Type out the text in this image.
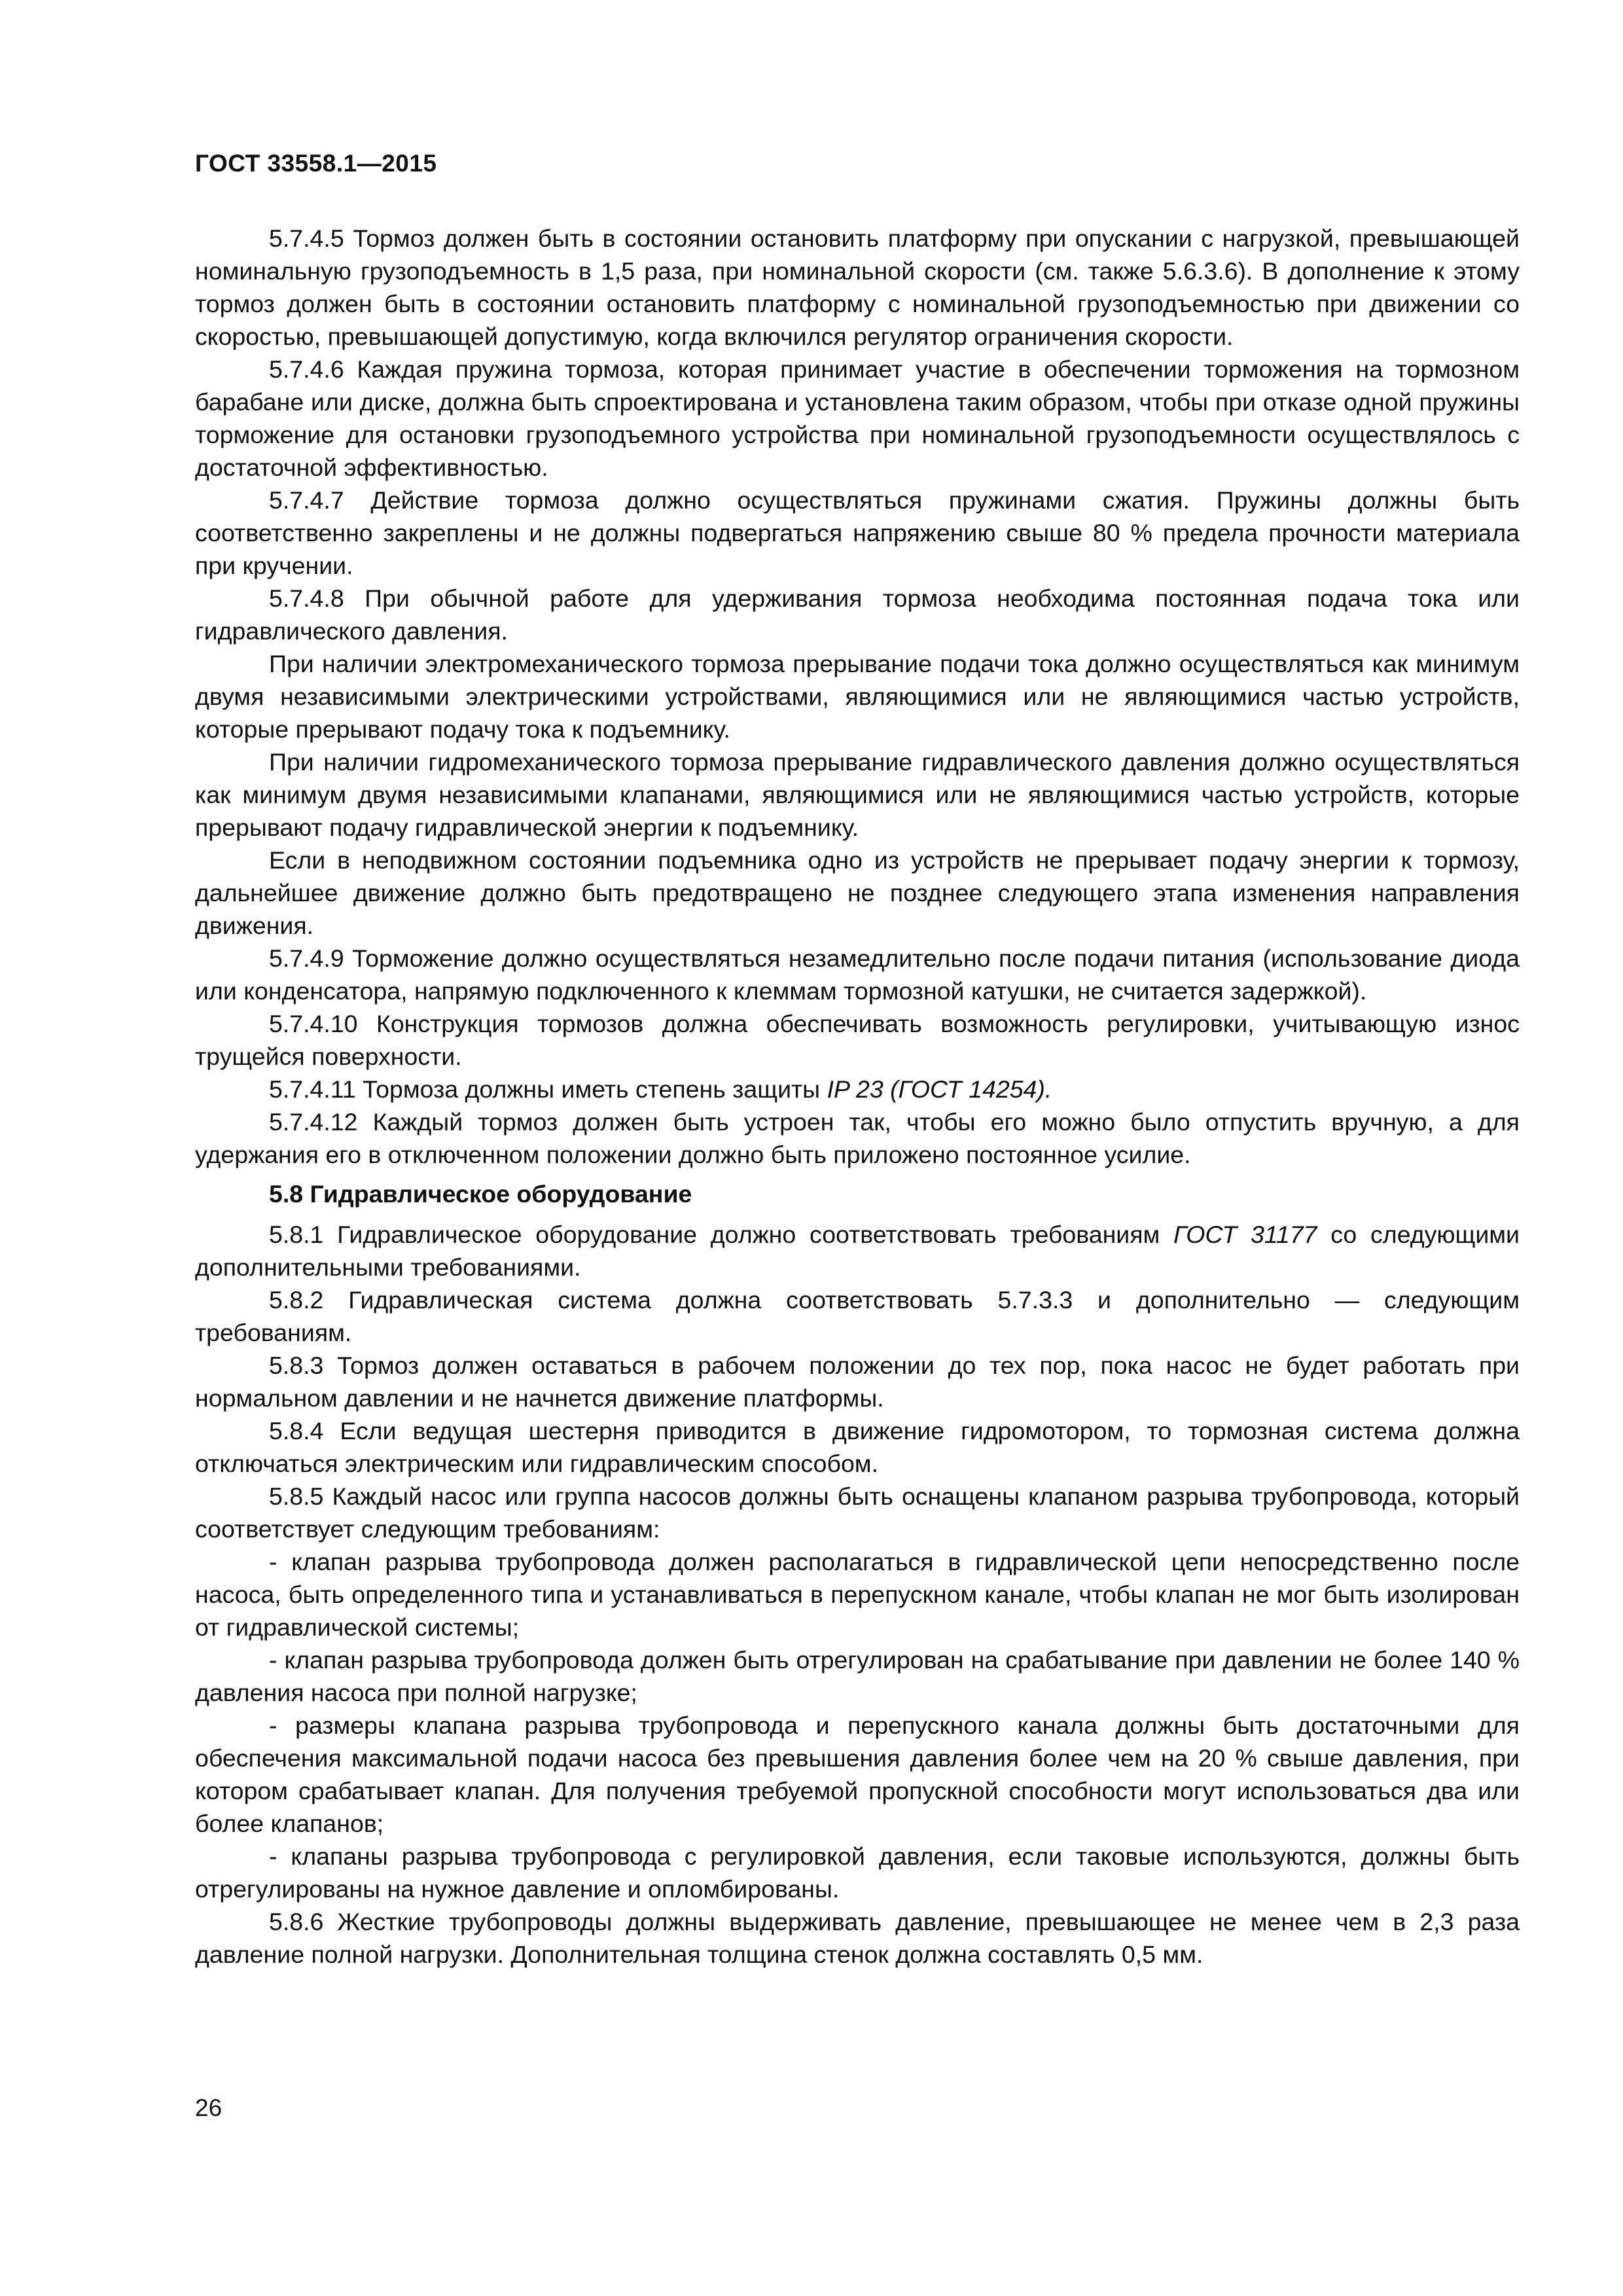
ГОСТ 33558.1—2015

5.7.4.5 Тормоз должен быть в состоянии остановить платформу при опускании с нагрузкой, превышающей номинальную грузоподъемность в 1,5 раза, при номинальной скорости (см. также 5.6.3.6). В дополнение к этому тормоз должен быть в состоянии остановить платформу с номинальной грузоподъемностью при движении со скоростью, превышающей допустимую, когда включился регулятор ограничения скорости.

5.7.4.6 Каждая пружина тормоза, которая принимает участие в обеспечении торможения на тормозном барабане или диске, должна быть спроектирована и установлена таким образом, чтобы при отказе одной пружины торможение для остановки грузоподъемного устройства при номинальной грузоподъемности осуществлялось с достаточной эффективностью.

5.7.4.7 Действие тормоза должно осуществляться пружинами сжатия. Пружины должны быть соответственно закреплены и не должны подвергаться напряжению свыше 80 % предела прочности материала при кручении.

5.7.4.8 При обычной работе для удерживания тормоза необходима постоянная подача тока или гидравлического давления.

При наличии электромеханического тормоза прерывание подачи тока должно осуществляться как минимум двумя независимыми электрическими устройствами, являющимися или не являющимися частью устройств, которые прерывают подачу тока к подъемнику.

При наличии гидромеханического тормоза прерывание гидравлического давления должно осуществляться как минимум двумя независимыми клапанами, являющимися или не являющимися частью устройств, которые прерывают подачу гидравлической энергии к подъемнику.

Если в неподвижном состоянии подъемника одно из устройств не прерывает подачу энергии к тормозу, дальнейшее движение должно быть предотвращено не позднее следующего этапа изменения направления движения.

5.7.4.9 Торможение должно осуществляться незамедлительно после подачи питания (использование диода или конденсатора, напрямую подключенного к клеммам тормозной катушки, не считается задержкой).

5.7.4.10 Конструкция тормозов должна обеспечивать возможность регулировки, учитывающую износ трущейся поверхности.

5.7.4.11 Тормоза должны иметь степень защиты IP 23 (ГОСТ 14254).

5.7.4.12 Каждый тормоз должен быть устроен так, чтобы его можно было отпустить вручную, а для удержания его в отключенном положении должно быть приложено постоянное усилие.

5.8 Гидравлическое оборудование

5.8.1 Гидравлическое оборудование должно соответствовать требованиям ГОСТ 31177 со следующими дополнительными требованиями.

5.8.2 Гидравлическая система должна соответствовать 5.7.3.3 и дополнительно — следующим требованиям.

5.8.3 Тормоз должен оставаться в рабочем положении до тех пор, пока насос не будет работать при нормальном давлении и не начнется движение платформы.

5.8.4 Если ведущая шестерня приводится в движение гидромотором, то тормозная система должна отключаться электрическим или гидравлическим способом.

5.8.5 Каждый насос или группа насосов должны быть оснащены клапаном разрыва трубопровода, который соответствует следующим требованиям:

- клапан разрыва трубопровода должен располагаться в гидравлической цепи непосредственно после насоса, быть определенного типа и устанавливаться в перепускном канале, чтобы клапан не мог быть изолирован от гидравлической системы;

- клапан разрыва трубопровода должен быть отрегулирован на срабатывание при давлении не более 140 % давления насоса при полной нагрузке;

- размеры клапана разрыва трубопровода и перепускного канала должны быть достаточными для обеспечения максимальной подачи насоса без превышения давления более чем на 20 % свыше давления, при котором срабатывает клапан. Для получения требуемой пропускной способности могут использоваться два или более клапанов;

- клапаны разрыва трубопровода с регулировкой давления, если таковые используются, должны быть отрегулированы на нужное давление и опломбированы.

5.8.6 Жесткие трубопроводы должны выдерживать давление, превышающее не менее чем в 2,3 раза давление полной нагрузки. Дополнительная толщина стенок должна составлять 0,5 мм.

26
